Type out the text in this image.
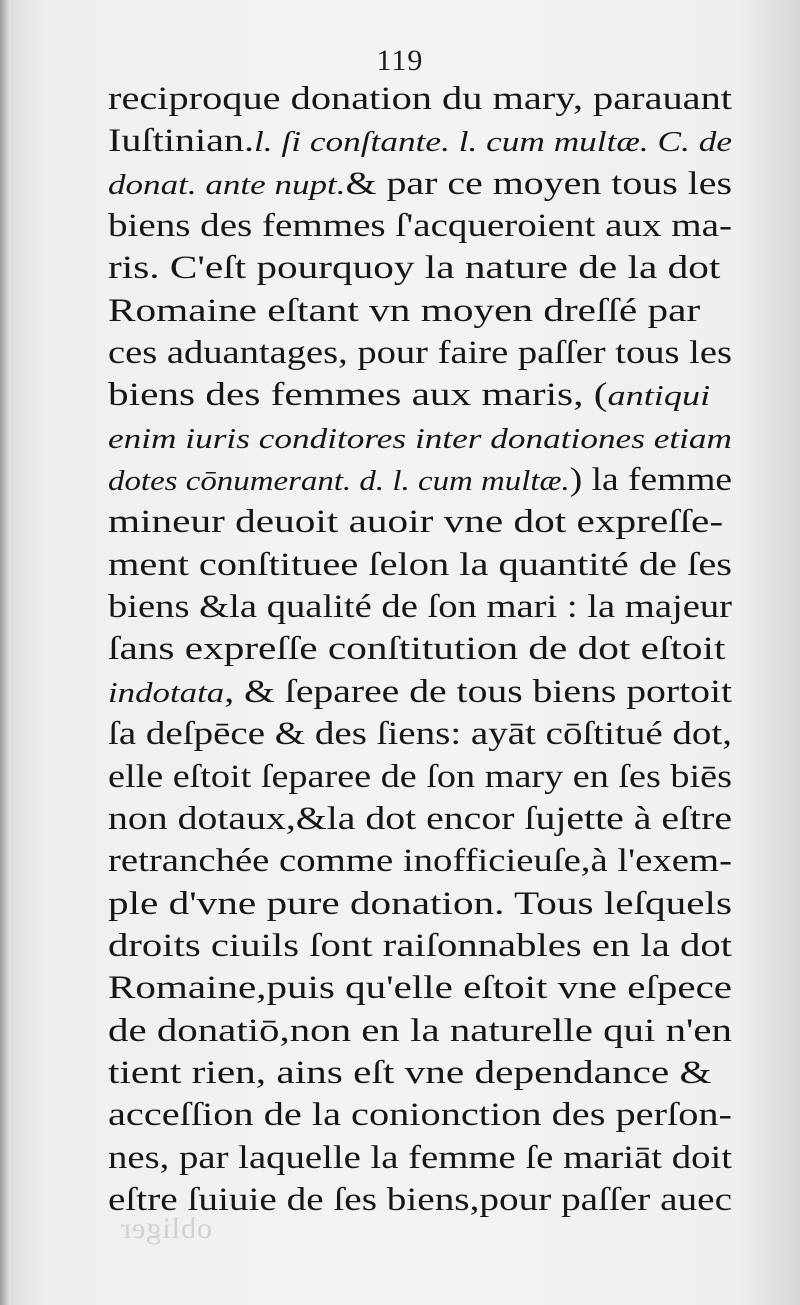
119
reciproque donation du mary, parauant
Iuſtinian.l. ſi conſtante. l. cum multæ. C. de
donat. ante nupt.& par ce moyen tous les
biens des femmes ſ'acqueroient aux ma-
ris. C'eſt pourquoy la nature de la dot
Romaine eſtant vn moyen dreſſé par
ces aduantages, pour faire paſſer tous les
biens des femmes aux maris, (antiqui
enim iuris conditores inter donationes etiam
dotes cōnumerant. d. l. cum multæ.) la femme
mineur deuoit auoir vne dot expreſſe-
ment conſtituee ſelon la quantité de ſes
biens &la qualité de ſon mari : la majeur
ſans expreſſe conſtitution de dot eſtoit
indotata, & ſeparee de tous biens portoit
ſa deſpēce & des ſiens: ayāt cōſtitué dot,
elle eſtoit ſeparee de ſon mary en ſes biēs
non dotaux,&la dot encor ſujette à eſtre
retranchée comme inofficieuſe,à l'exem-
ple d'vne pure donation. Tous leſquels
droits ciuils ſont raiſonnables en la dot
Romaine,puis qu'elle eſtoit vne eſpece
de donatiō,non en la naturelle qui n'en
tient rien, ains eſt vne dependance &
acceſſion de la conionction des perſon-
nes, par laquelle la femme ſe mariāt doit
eſtre ſuiuie de ſes biens,pour paſſer auec
obliger
